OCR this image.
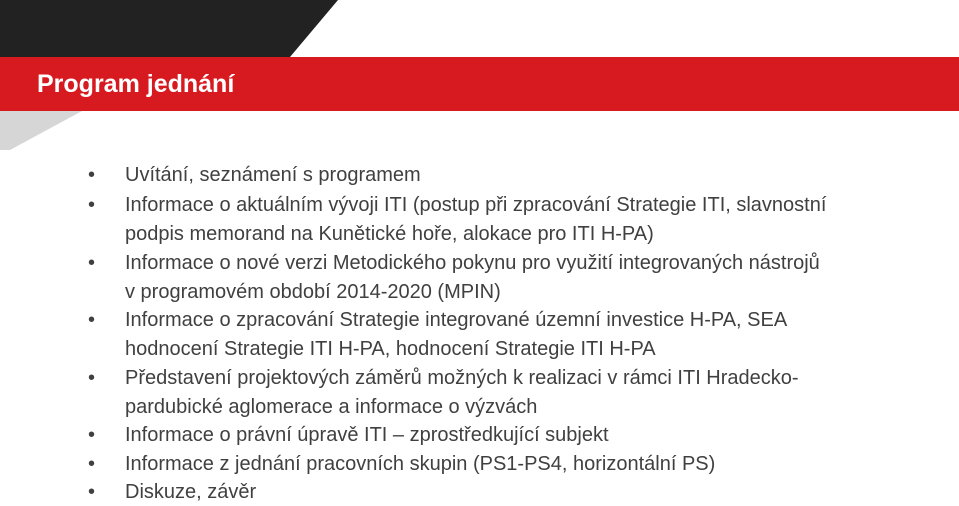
Program jednání
• Uvítání, seznámení s programem
• Informace o aktuálním vývoji ITI (postup při zpracování Strategie ITI, slavnostní
podpis memorand na Kunětické hoře, alokace pro ITI H-PA)
• Informace o nové verzi Metodického pokynu pro využití integrovaných nástrojů
v programovém období 2014-2020 (MPIN)
• Informace o zpracování Strategie integrované územní investice H-PA, SEA
hodnocení Strategie ITI H-PA, hodnocení Strategie ITI H-PA
• Představení projektových záměrů možných k realizaci v rámci ITI Hradecko-
pardubické aglomerace a informace o výzvách
• Informace o právní úpravě ITI – zprostředkující subjekt
• Informace z jednání pracovních skupin (PS1-PS4, horizontální PS)
• Diskuze, závěr
